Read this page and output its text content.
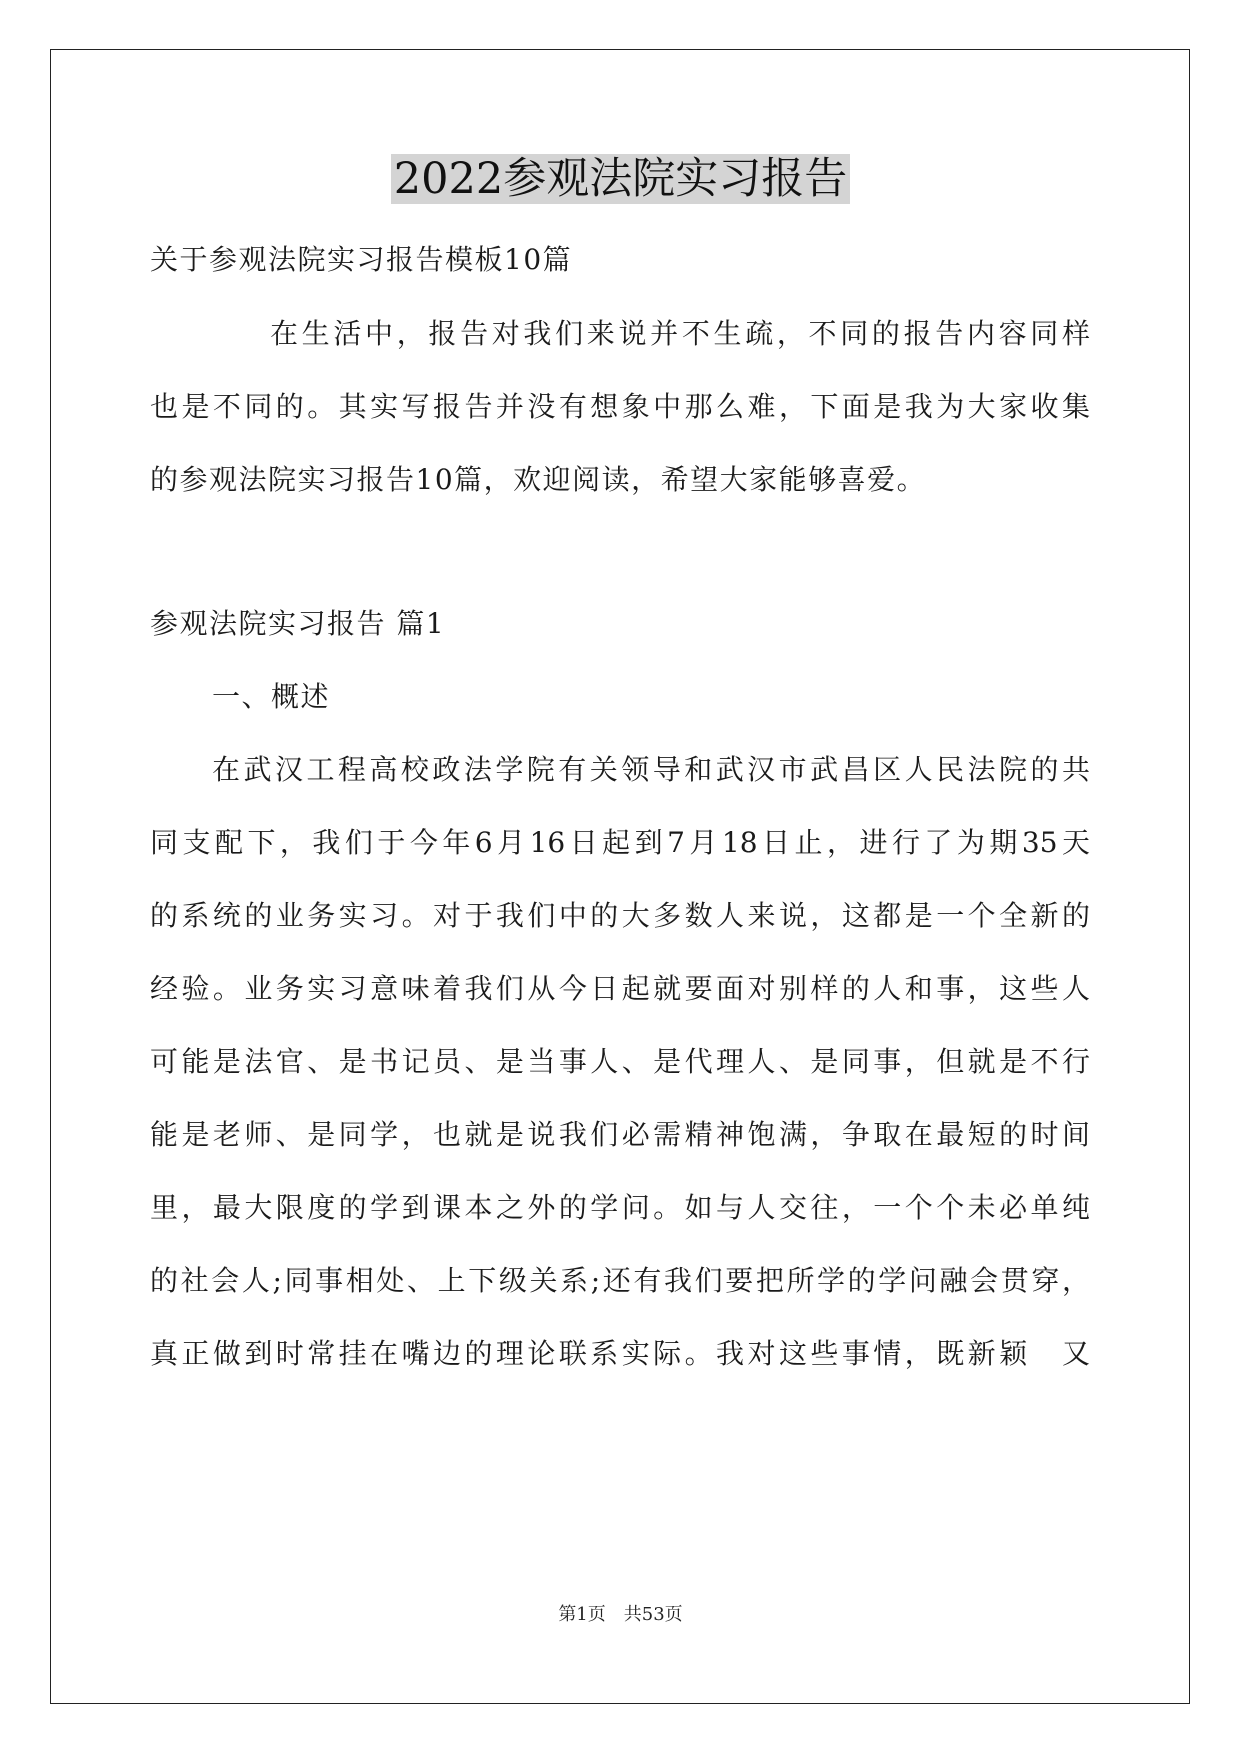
2022参观法院实习报告
关于参观法院实习报告模板10篇
在生活中，报告对我们来说并不生疏，不同的报告内容同样
也是不同的。其实写报告并没有想象中那么难，下面是我为大家收集
的参观法院实习报告10篇，欢迎阅读，希望大家能够喜爱。
参观法院实习报告 篇1
一、概述
在武汉工程高校政法学院有关领导和武汉市武昌区人民法院的共
同支配下，我们于今年6月16日起到7月18日止，进行了为期35天
的系统的业务实习。对于我们中的大多数人来说，这都是一个全新的
经验。业务实习意味着我们从今日起就要面对别样的人和事，这些人
可能是法官、是书记员、是当事人、是代理人、是同事，但就是不行
能是老师、是同学，也就是说我们必需精神饱满，争取在最短的时间
里，最大限度的学到课本之外的学问。如与人交往，一个个未必单纯
的社会人;同事相处、上下级关系;还有我们要把所学的学问融会贯穿，
真正做到时常挂在嘴边的理论联系实际。我对这些事情，既新颖　又
第1页　共53页
